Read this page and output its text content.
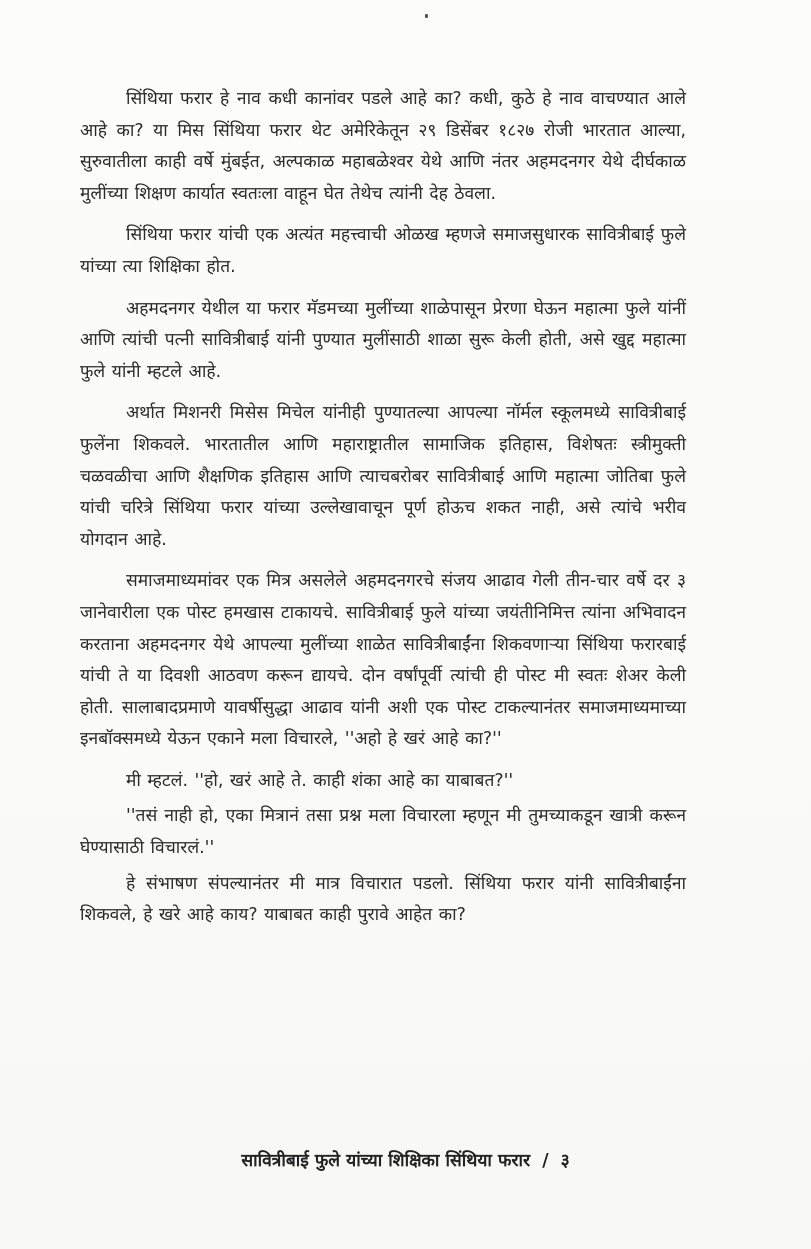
सिंथिया फरार हे नाव कधी कानांवर पडले आहे का? कधी, कुठे हे नाव वाचण्यात आले आहे का? या मिस सिंथिया फरार थेट अमेरिकेतून २९ डिसेंबर १८२७ रोजी भारतात आल्या, सुरुवातीला काही वर्षे मुंबईत, अल्पकाळ महाबळेश्वर येथे आणि नंतर अहमदनगर येथे दीर्घकाळ मुलींच्या शिक्षण कार्यात स्वतःला वाहून घेत तेथेच त्यांनी देह ठेवला.

सिंथिया फरार यांची एक अत्यंत महत्त्वाची ओळख म्हणजे समाजसुधारक सावित्रीबाई फुले यांच्या त्या शिक्षिका होत.

अहमदनगर येथील या फरार मॅडमच्या मुलींच्या शाळेपासून प्रेरणा घेऊन महात्मा फुले यांनीं आणि त्यांची पत्नी सावित्रीबाई यांनी पुण्यात मुलींसाठी शाळा सुरू केली होती, असे खुद्द महात्मा फुले यांनी म्हटले आहे.

अर्थात मिशनरी मिसेस मिचेल यांनीही पुण्यातल्या आपल्या नॉर्मल स्कूलमध्ये सावित्रीबाई फुलेंना शिकवले. भारतातील आणि महाराष्ट्रातील सामाजिक इतिहास, विशेषतः स्त्रीमुक्ती चळवळीचा आणि शैक्षणिक इतिहास आणि त्याचबरोबर सावित्रीबाई आणि महात्मा जोतिबा फुले यांची चरित्रे सिंथिया फरार यांच्या उल्लेखावाचून पूर्ण होऊच शकत नाही, असे त्यांचे भरीव योगदान आहे.

समाजमाध्यमांवर एक मित्र असलेले अहमदनगरचे संजय आढाव गेली तीन-चार वर्षे दर ३ जानेवारीला एक पोस्ट हमखास टाकायचे. सावित्रीबाई फुले यांच्या जयंतीनिमित्त त्यांना अभिवादन करताना अहमदनगर येथे आपल्या मुलींच्या शाळेत सावित्रीबाईंना शिकवणाऱ्या सिंथिया फरारबाई यांची ते या दिवशी आठवण करून द्यायचे. दोन वर्षांपूर्वी त्यांची ही पोस्ट मी स्वतः शेअर केली होती. सालाबादप्रमाणे यावर्षीसुद्धा आढाव यांनी अशी एक पोस्ट टाकल्यानंतर समाजमाध्यमाच्या इनबॉक्समध्ये येऊन एकाने मला विचारले, ''अहो हे खरं आहे का?''

मी म्हटलं. ''हो, खरं आहे ते. काही शंका आहे का याबाबत?''

''तसं नाही हो, एका मित्रानं तसा प्रश्न मला विचारला म्हणून मी तुमच्याकडून खात्री करून घेण्यासाठी विचारलं.''

हे संभाषण संपल्यानंतर मी मात्र विचारात पडलो. सिंथिया फरार यांनी सावित्रीबाईंना शिकवले, हे खरे आहे काय? याबाबत काही पुरावे आहेत का?

सावित्रीबाई फुले यांच्या शिक्षिका सिंथिया फरार / ३
